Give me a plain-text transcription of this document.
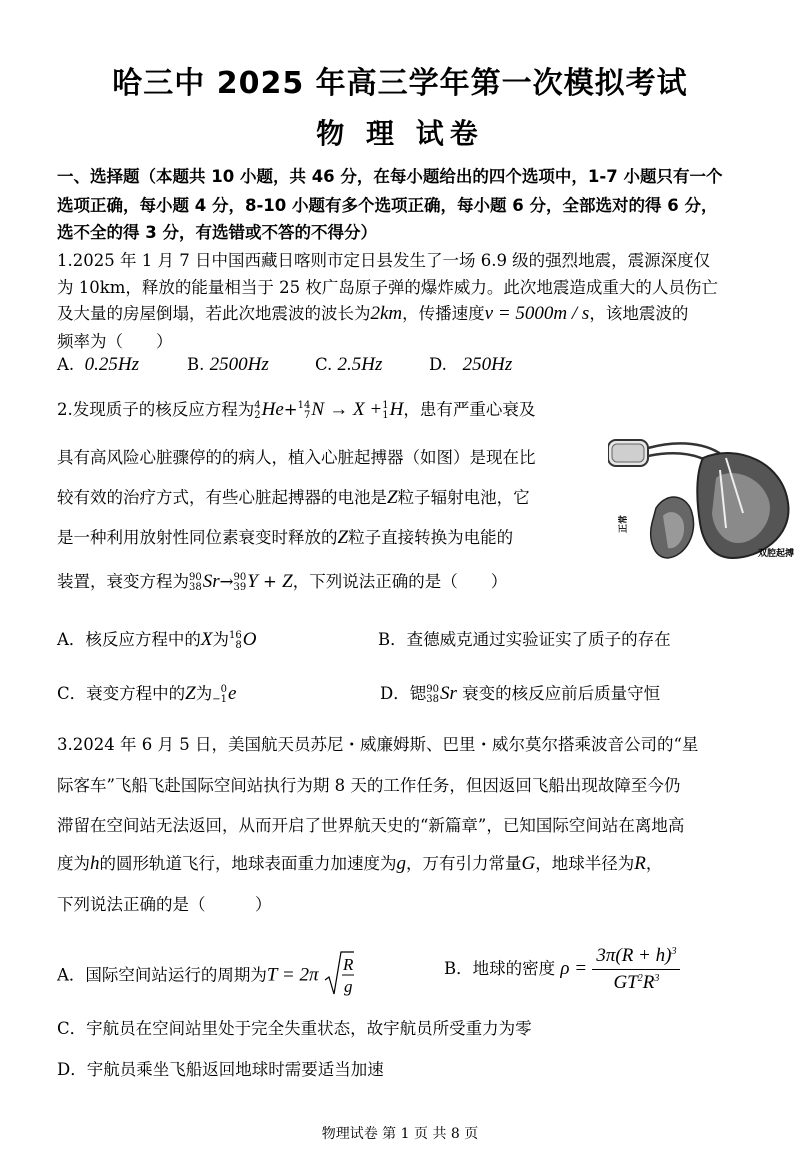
哈三中 2025 年高三学年第一次模拟考试
物 理 试卷
一、选择题（本题共 10 小题，共 46 分，在每小题给出的四个选项中，1-7 小题只有一个
选项正确，每小题 4 分，8-10 小题有多个选项正确，每小题 6 分，全部选对的得 6 分，
选不全的得 3 分，有选错或不答的不得分）
1.2025 年 1 月 7 日中国西藏日喀则市定日县发生了一场 6.9 级的强烈地震，震源深度仅
为 10km，释放的能量相当于 25 枚广岛原子弹的爆炸威力。此次地震造成重大的人员伤亡
及大量的房屋倒塌，若此次地震波的波长为2km，传播速度v = 5000m / s，该地震波的
频率为（　　）
A. 0.25Hz	B. 2500Hz	C. 2.5Hz	D. 250Hz
2.发现质子的核反应方程为4
2He+14
7N → X +1
1H，患有严重心衰及
具有高风险心脏骤停的的病人，植入心脏起搏器（如图）是现在比
较有效的治疗方式，有些心脏起搏器的电池是Z粒子辐射电池，它
是一种利用放射性同位素衰变时释放的Z粒子直接转换为电能的
装置，衰变方程为90
38Sr→90
39Y + Z，下列说法正确的是（　　）
正常
双腔起搏
A．核反应方程中的X为16
8O	B．查德威克通过实验证实了质子的存在
C．衰变方程中的Z为 0
−1e	D．锶90
38Sr 衰变的核反应前后质量守恒
3.2024 年 6 月 5 日，美国航天员苏尼・威廉姆斯、巴里・威尔莫尔搭乘波音公司的“星
际客车”飞船飞赴国际空间站执行为期 8 天的工作任务，但因返回飞船出现故障至今仍
滞留在空间站无法返回，从而开启了世界航天史的“新篇章”，已知国际空间站在离地高
度为h的圆形轨道飞行，地球表面重力加速度为g，万有引力常量G，地球半径为R，
下列说法正确的是（　　　）
A．国际空间站运行的周期为T = 2π R
g
B．地球的密度 $\rho = \frac{3\pi(R + h)^3}{GT^2R^3}$
C．宇航员在空间站里处于完全失重状态，故宇航员所受重力为零
D．宇航员乘坐飞船返回地球时需要适当加速
物理试卷 第 1 页 共 8 页
